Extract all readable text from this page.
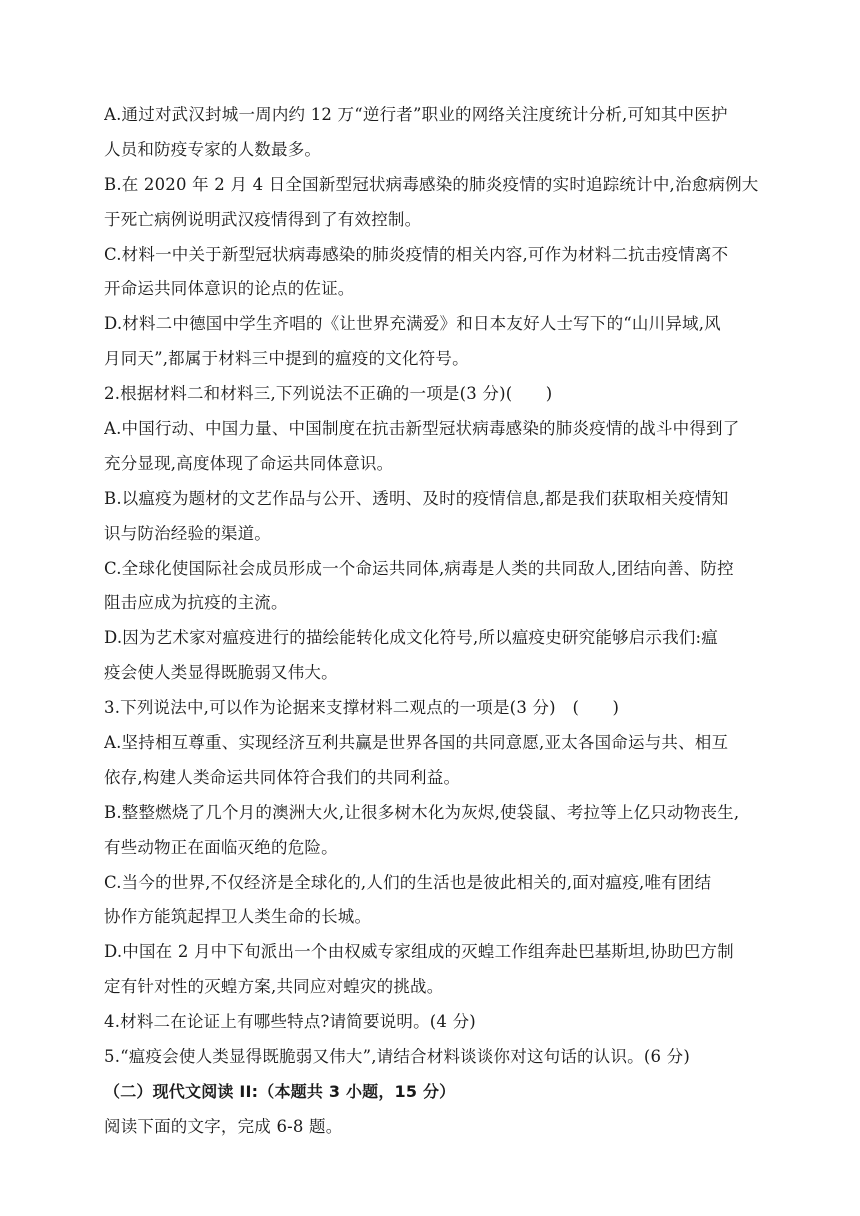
A.通过对武汉封城一周内约 12 万“逆行者”职业的网络关注度统计分析,可知其中医护
人员和防疫专家的人数最多。
B.在 2020 年 2 月 4 日全国新型冠状病毒感染的肺炎疫情的实时追踪统计中,治愈病例大
于死亡病例说明武汉疫情得到了有效控制。
C.材料一中关于新型冠状病毒感染的肺炎疫情的相关内容,可作为材料二抗击疫情离不
开命运共同体意识的论点的佐证。
D.材料二中德国中学生齐唱的《让世界充满爱》和日本友好人士写下的“山川异域,风
月同天”,都属于材料三中提到的瘟疫的文化符号。
2.根据材料二和材料三,下列说法不正确的一项是(3 分)(　　)
A.中国行动、中国力量、中国制度在抗击新型冠状病毒感染的肺炎疫情的战斗中得到了
充分显现,高度体现了命运共同体意识。
B.以瘟疫为题材的文艺作品与公开、透明、及时的疫情信息,都是我们获取相关疫情知
识与防治经验的渠道。
C.全球化使国际社会成员形成一个命运共同体,病毒是人类的共同敌人,团结向善、防控
阻击应成为抗疫的主流。
D.因为艺术家对瘟疫进行的描绘能转化成文化符号,所以瘟疫史研究能够启示我们:瘟
疫会使人类显得既脆弱又伟大。
3.下列说法中,可以作为论据来支撑材料二观点的一项是(3 分)　(　　)
A.坚持相互尊重、实现经济互利共赢是世界各国的共同意愿,亚太各国命运与共、相互
依存,构建人类命运共同体符合我们的共同利益。
B.整整燃烧了几个月的澳洲大火,让很多树木化为灰烬,使袋鼠、考拉等上亿只动物丧生,
有些动物正在面临灭绝的危险。
C.当今的世界,不仅经济是全球化的,人们的生活也是彼此相关的,面对瘟疫,唯有团结
协作方能筑起捍卫人类生命的长城。
D.中国在 2 月中下旬派出一个由权威专家组成的灭蝗工作组奔赴巴基斯坦,协助巴方制
定有针对性的灭蝗方案,共同应对蝗灾的挑战。
4.材料二在论证上有哪些特点?请简要说明。(4 分)
5.“瘟疫会使人类显得既脆弱又伟大”,请结合材料谈谈你对这句话的认识。(6 分)
（二）现代文阅读 II:（本题共 3 小题，15 分）
阅读下面的文字，完成 6-8 题。
